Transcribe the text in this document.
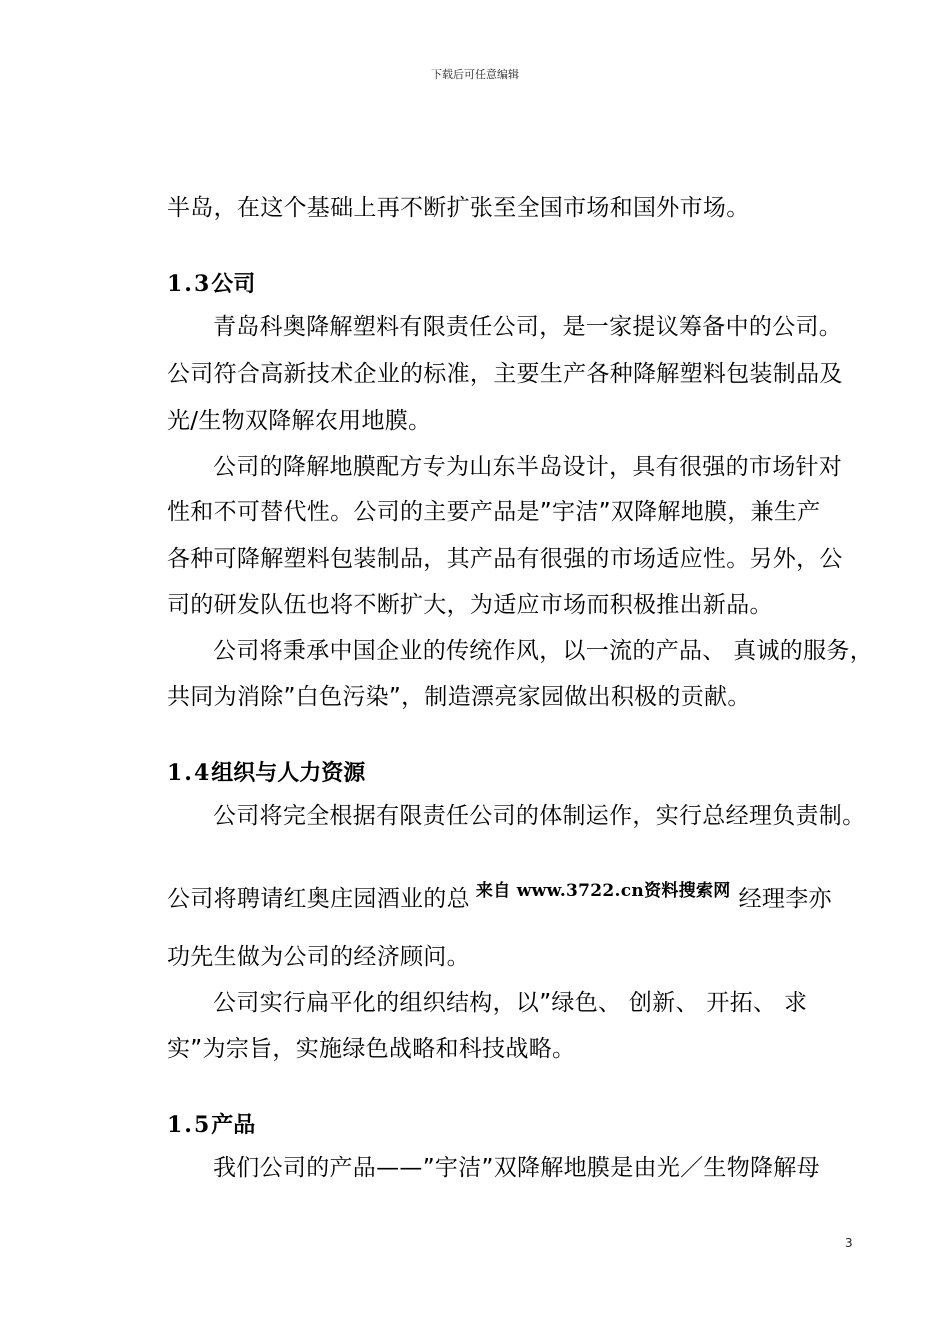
下载后可任意编辑
半岛，在这个基础上再不断扩张至全国市场和国外市场。
1.3公司
青岛科奥降解塑料有限责任公司，是一家提议筹备中的公司。
公司符合高新技术企业的标准，主要生产各种降解塑料包装制品及
光/生物双降解农用地膜。
公司的降解地膜配方专为山东半岛设计，具有很强的市场针对
性和不可替代性。公司的主要产品是”宇洁”双降解地膜，兼生产
各种可降解塑料包装制品，其产品有很强的市场适应性。另外，公
司的研发队伍也将不断扩大，为适应市场而积极推出新品。
公司将秉承中国企业的传统作风，以一流的产品、 真诚的服务，
共同为消除”白色污染”，制造漂亮家园做出积极的贡献。
1.4组织与人力资源
公司将完全根据有限责任公司的体制运作，实行总经理负责制。
公司将聘请红奥庄园酒业的总 $^{来自 www.3722.cn资料搜索网}$ 经理李亦
功先生做为公司的经济顾问。
公司实行扁平化的组织结构，以”绿色、 创新、 开拓、 求
实”为宗旨，实施绿色战略和科技战略。
1.5产品
我们公司的产品——”宇洁”双降解地膜是由光／生物降解母
3
